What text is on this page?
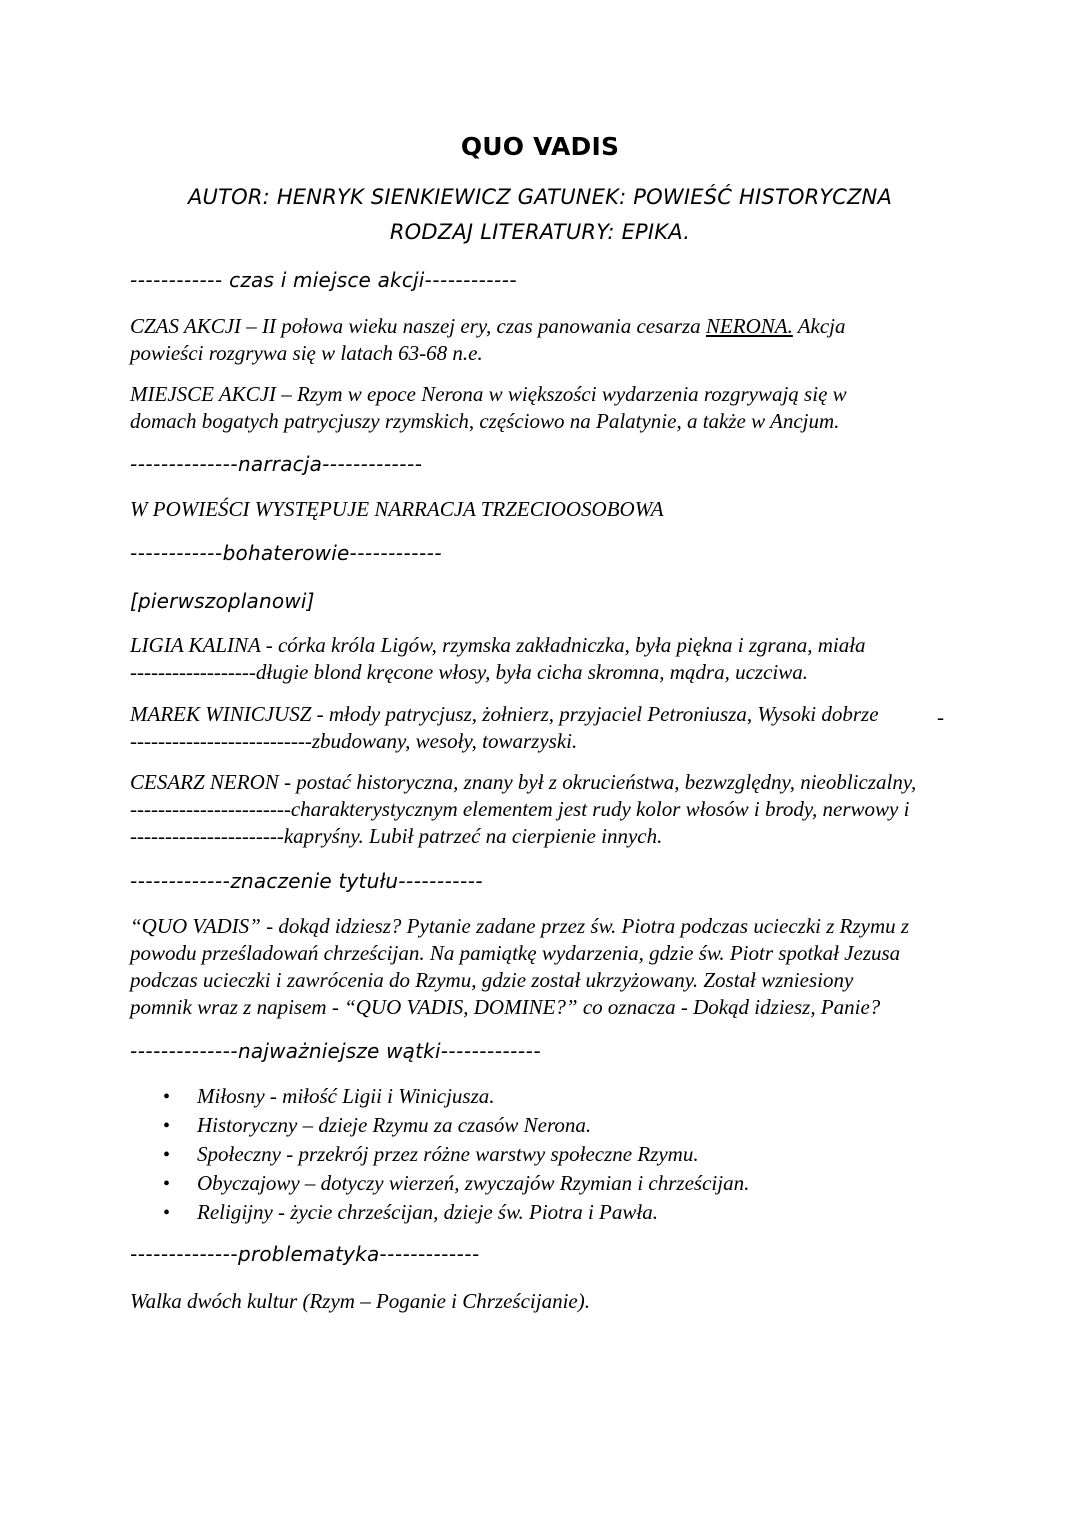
QUO VADIS
AUTOR: HENRYK SIENKIEWICZ GATUNEK: POWIEŚĆ HISTORYCZNA
RODZAJ LITERATURY: EPIKA.
------------ czas i miejsce akcji------------
CZAS AKCJI – II połowa wieku naszej ery, czas panowania cesarza NERONA. Akcja
powieści rozgrywa się w latach 63-68 n.e.
MIEJSCE AKCJI – Rzym w epoce Nerona w większości wydarzenia rozgrywają się w
domach bogatych patrycjuszy rzymskich, częściowo na Palatynie, a także w Ancjum.
--------------narracja-------------
W POWIEŚCI WYSTĘPUJE NARRACJA TRZECIOOSOBOWA
------------bohaterowie------------
[pierwszoplanowi]
LIGIA KALINA - córka króla Ligów, rzymska zakładniczka, była piękna i zgrana, miała
------------------długie blond kręcone włosy, była cicha skromna, mądra, uczciwa.
MAREK WINICJUSZ - młody patrycjusz, żołnierz, przyjaciel Petroniusza, Wysoki dobrze
--------------------------zbudowany, wesoły, towarzyski.
-
CESARZ NERON - postać historyczna, znany był z okrucieństwa, bezwzględny, nieobliczalny,
-----------------------charakterystycznym elementem jest rudy kolor włosów i brody, nerwowy i
----------------------kapryśny. Lubił patrzeć na cierpienie innych.
-------------znaczenie tytułu-----------
“QUO VADIS” - dokąd idziesz? Pytanie zadane przez św. Piotra podczas ucieczki z Rzymu z
powodu prześladowań chrześcijan. Na pamiątkę wydarzenia, gdzie św. Piotr spotkał Jezusa
podczas ucieczki i zawrócenia do Rzymu, gdzie został ukrzyżowany. Został wzniesiony
pomnik wraz z napisem - “QUO VADIS, DOMINE?” co oznacza - Dokąd idziesz, Panie?
--------------najważniejsze wątki-------------
• Miłosny - miłość Ligii i Winicjusza.
• Historyczny – dzieje Rzymu za czasów Nerona.
• Społeczny - przekrój przez różne warstwy społeczne Rzymu.
• Obyczajowy – dotyczy wierzeń, zwyczajów Rzymian i chrześcijan.
• Religijny - życie chrześcijan, dzieje św. Piotra i Pawła.
--------------problematyka-------------
Walka dwóch kultur (Rzym – Poganie i Chrześcijanie).
